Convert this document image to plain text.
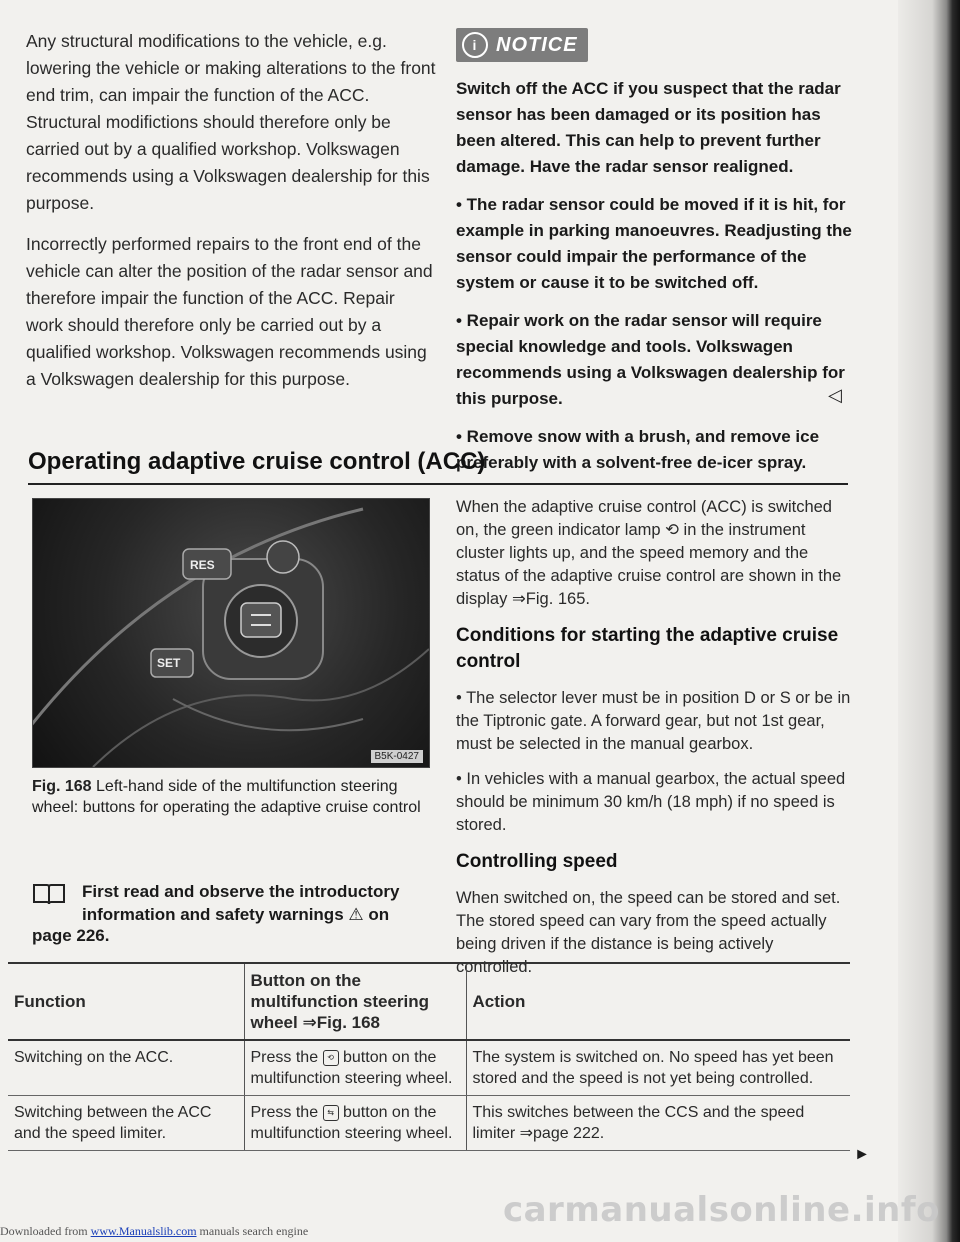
Any structural modifications to the vehicle, e.g. lowering the vehicle or making alterations to the front end trim, can impair the function of the ACC. Structural modifictions should therefore only be carried out by a qualified workshop. Volkswagen recommends using a Volkswagen dealership for this purpose.

Incorrectly performed repairs to the front end of the vehicle can alter the position of the radar sensor and therefore impair the function of the ACC. Repair work should therefore only be carried out by a qualified workshop. Volkswagen recommends using a Volkswagen dealership for this purpose.

i NOTICE

Switch off the ACC if you suspect that the radar sensor has been damaged or its position has been altered. This can help to prevent further damage. Have the radar sensor realigned.

• The radar sensor could be moved if it is hit, for example in parking manoeuvres. Readjusting the sensor could impair the performance of the system or cause it to be switched off.

• Repair work on the radar sensor will require special knowledge and tools. Volkswagen recommends using a Volkswagen dealership for this purpose.

• Remove snow with a brush, and remove ice preferably with a solvent-free de-icer spray.

◁
Operating adaptive cruise control (ACC)
RES
SET
B5K-0427
Fig. 168 Left-hand side of the multifunction steering wheel: buttons for operating the adaptive cruise control
First read and observe the introductory information and safety warnings ⚠ on
page 226.

When the adaptive cruise control (ACC) is switched on, the green indicator lamp ⟲ in the instrument cluster lights up, and the speed memory and the status of the adaptive cruise control are shown in the display ⇒Fig. 165.

Conditions for starting the adaptive cruise control

• The selector lever must be in position D or S or be in the Tiptronic gate. A forward gear, but not 1st gear, must be selected in the manual gearbox.

• In vehicles with a manual gearbox, the actual speed should be minimum 30 km/h (18 mph) if no speed is stored.

Controlling speed

When switched on, the speed can be stored and set. The stored speed can vary from the speed actually being driven if the distance is being actively controlled.

Function	Button on the multifunction steering wheel ⇒Fig. 168	Action
Switching on the ACC.	Press the ⟲ button on the multifunction steering wheel.	The system is switched on. No speed has yet been stored and the speed is not yet being controlled.
Switching between the ACC and the speed limiter.	Press the ⇆ button on the multifunction steering wheel.	This switches between the CCS and the speed limiter ⇒page 222.
►
carmanualsonline.info
Downloaded from www.Manualslib.com manuals search engine
